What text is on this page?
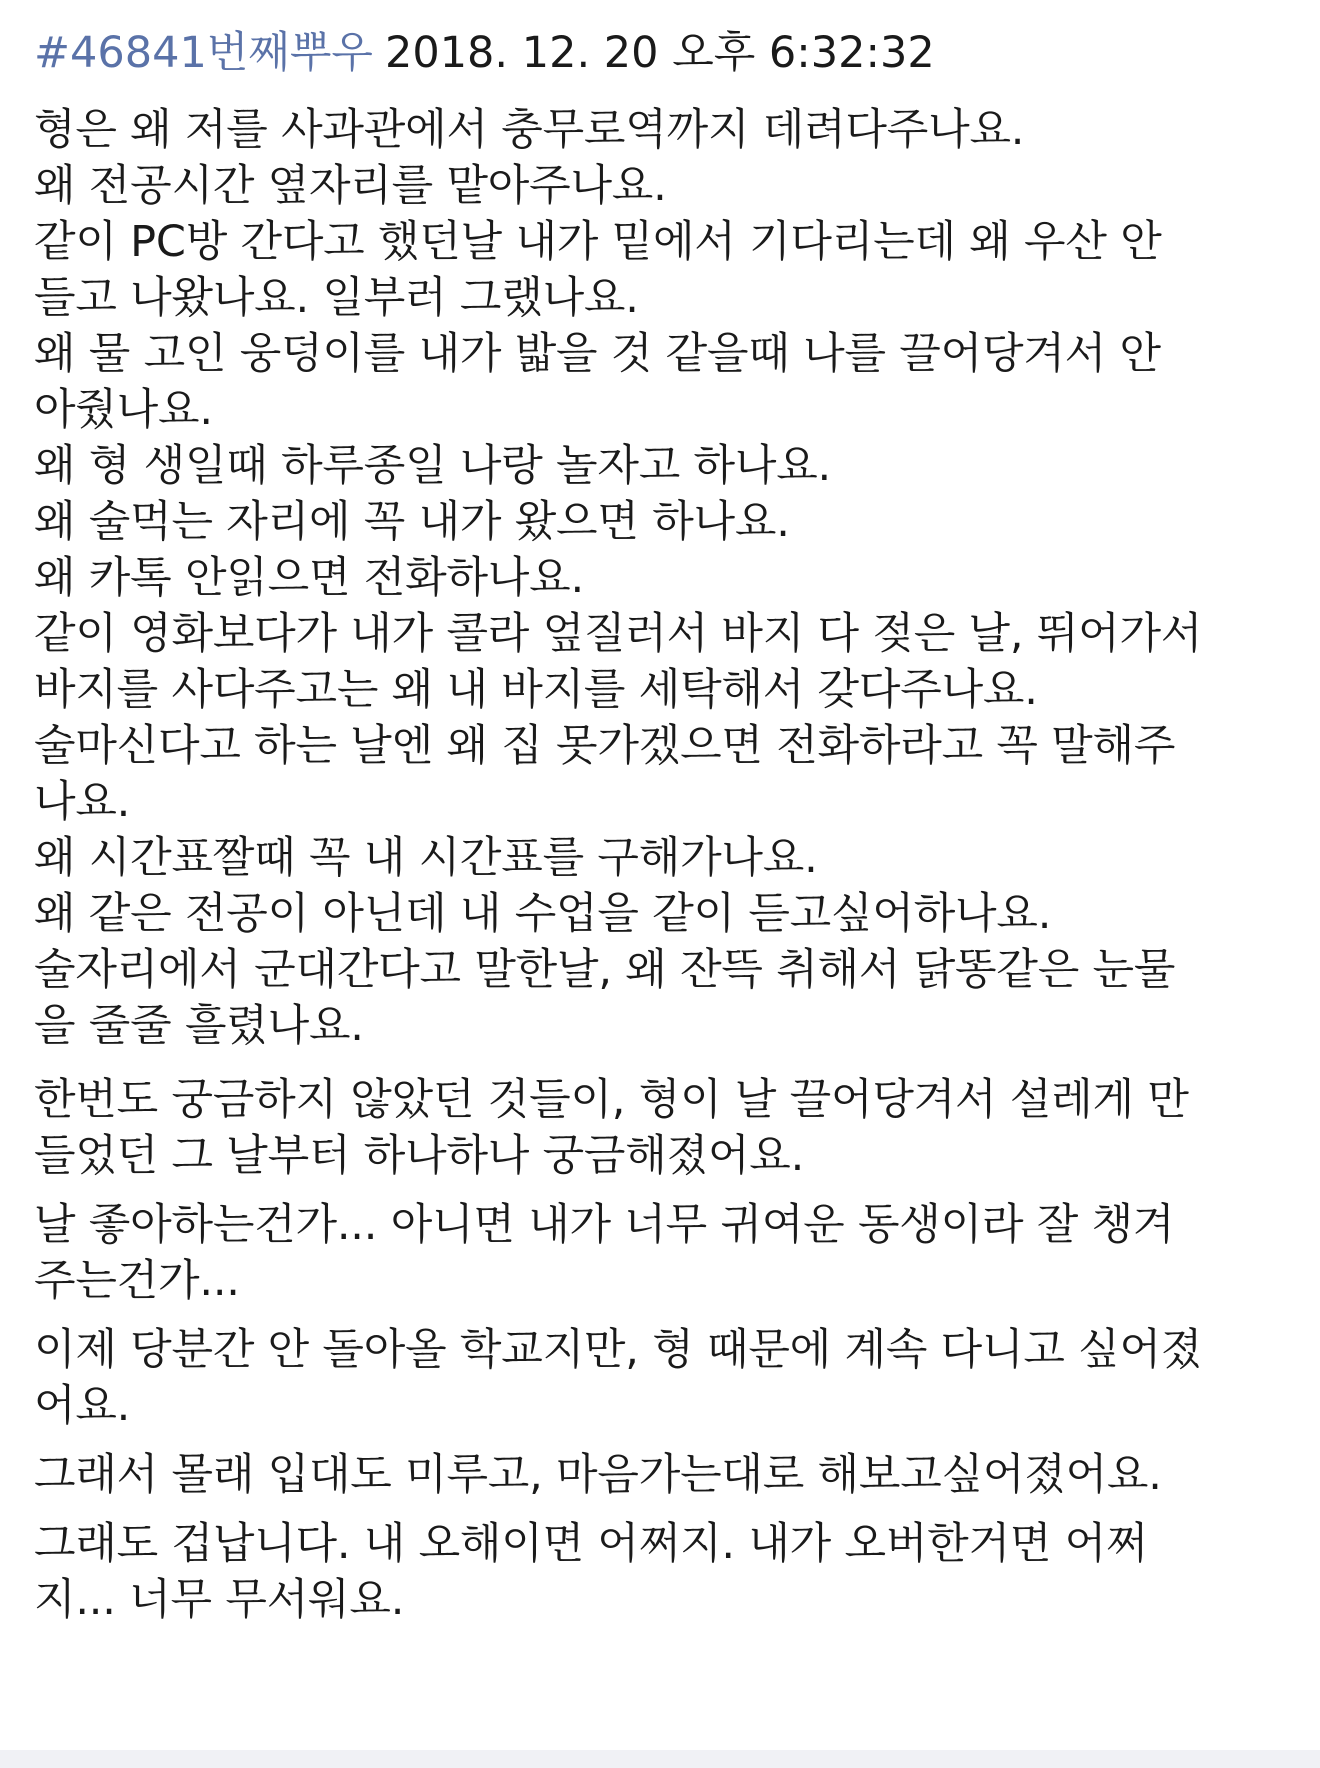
#46841번째뿌우 2018. 12. 20 오후 6:32:32
형은 왜 저를 사과관에서 충무로역까지 데려다주나요.
왜 전공시간 옆자리를 맡아주나요.
같이 PC방 간다고 했던날 내가 밑에서 기다리는데 왜 우산 안
들고 나왔나요. 일부러 그랬나요.
왜 물 고인 웅덩이를 내가 밟을 것 같을때 나를 끌어당겨서 안
아줬나요.
왜 형 생일때 하루종일 나랑 놀자고 하나요.
왜 술먹는 자리에 꼭 내가 왔으면 하나요.
왜 카톡 안읽으면 전화하나요.
같이 영화보다가 내가 콜라 엎질러서 바지 다 젖은 날, 뛰어가서
바지를 사다주고는 왜 내 바지를 세탁해서 갖다주나요.
술마신다고 하는 날엔 왜 집 못가겠으면 전화하라고 꼭 말해주
나요.
왜 시간표짤때 꼭 내 시간표를 구해가나요.
왜 같은 전공이 아닌데 내 수업을 같이 듣고싶어하나요.
술자리에서 군대간다고 말한날, 왜 잔뜩 취해서 닭똥같은 눈물
을 줄줄 흘렸나요.
한번도 궁금하지 않았던 것들이, 형이 날 끌어당겨서 설레게 만
들었던 그 날부터 하나하나 궁금해졌어요.
날 좋아하는건가... 아니면 내가 너무 귀여운 동생이라 잘 챙겨
주는건가...
이제 당분간 안 돌아올 학교지만, 형 때문에 계속 다니고 싶어졌
어요.
그래서 몰래 입대도 미루고, 마음가는대로 해보고싶어졌어요.
그래도 겁납니다. 내 오해이면 어쩌지. 내가 오버한거면 어쩌
지... 너무 무서워요.
